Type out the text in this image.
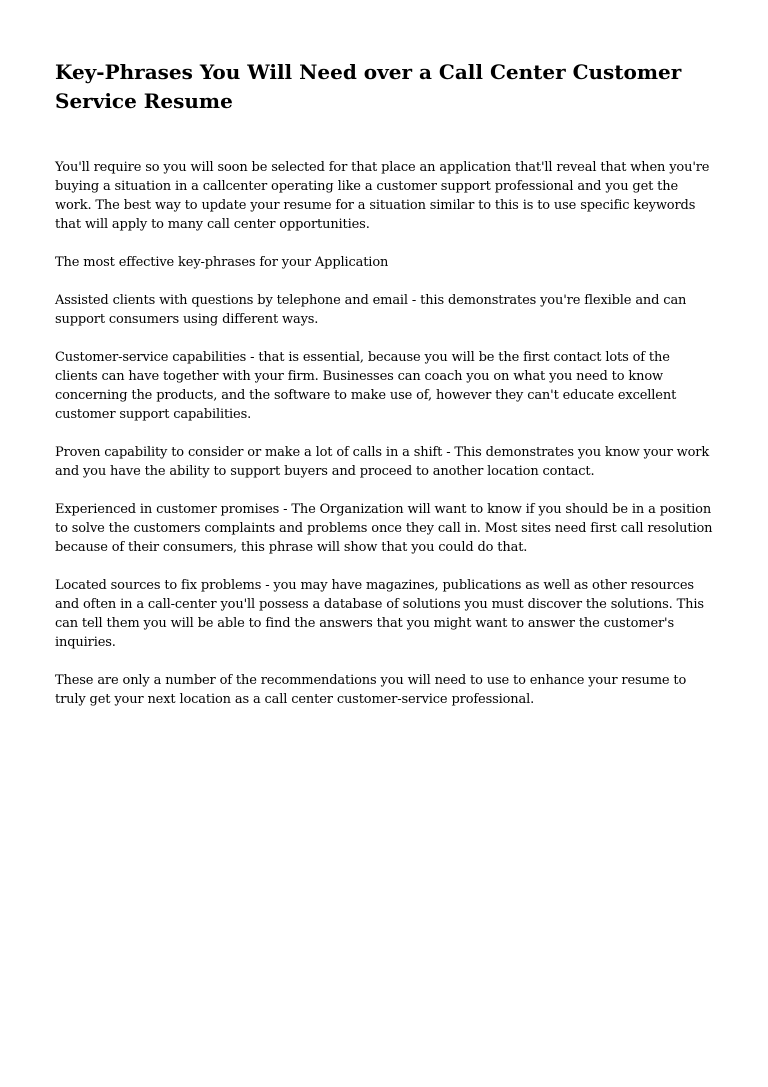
Key-Phrases You Will Need over a Call Center Customer Service Resume

You'll require so you will soon be selected for that place an application that'll reveal that when you're buying a situation in a callcenter operating like a customer support professional and you get the work. The best way to update your resume for a situation similar to this is to use specific keywords that will apply to many call center opportunities.

The most effective key-phrases for your Application

Assisted clients with questions by telephone and email - this demonstrates you're flexible and can support consumers using different ways.

Customer-service capabilities - that is essential, because you will be the first contact lots of the clients can have together with your firm. Businesses can coach you on what you need to know concerning the products, and the software to make use of, however they can't educate excellent customer support capabilities.

Proven capability to consider or make a lot of calls in a shift - This demonstrates you know your work and you have the ability to support buyers and proceed to another location contact.

Experienced in customer promises - The Organization will want to know if you should be in a position to solve the customers complaints and problems once they call in. Most sites need first call resolution because of their consumers, this phrase will show that you could do that.

Located sources to fix problems - you may have magazines, publications as well as other resources and often in a call-center you'll possess a database of solutions you must discover the solutions. This can tell them you will be able to find the answers that you might want to answer the customer's inquiries.

These are only a number of the recommendations you will need to use to enhance your resume to truly get your next location as a call center customer-service professional.
